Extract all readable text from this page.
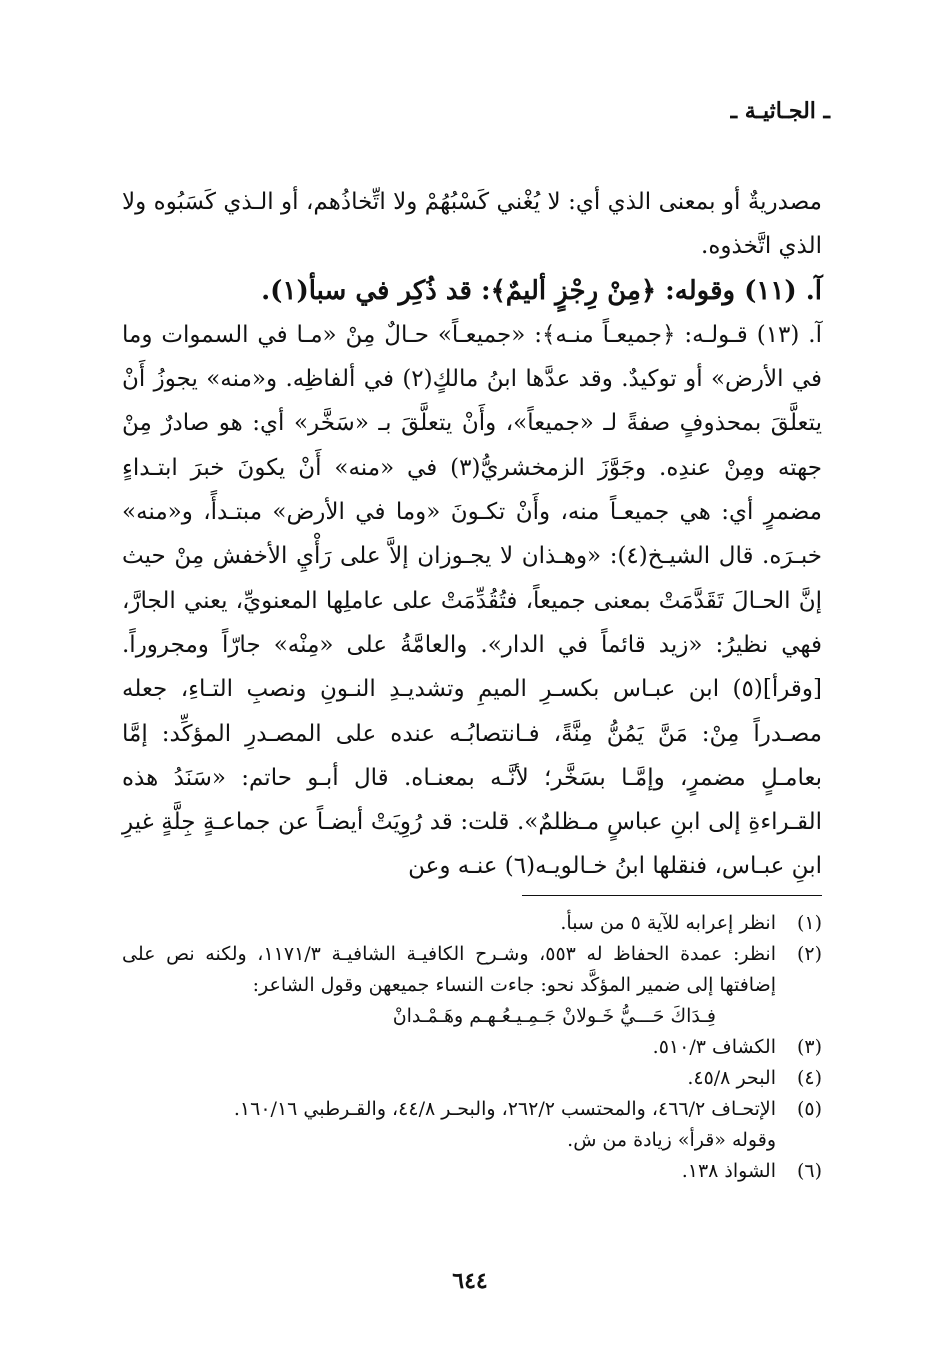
ـ الجـاثيـة ـ

مصدريةٌ أو بمعنى الذي أي: لا يُغْني كَسْبُهُمْ ولا اتِّخاذُهم، أو الـذي كَسَبُوه ولا الذي اتَّخذوه.

آ. (١١) وقوله: ﴿مِنْ رِجْزٍ أليمٌ﴾: قد ذُكِر في سبأ(١).

آ. (١٣) قـولـه: ﴿جميعـاً منـه﴾: «جميعـاً» حـالٌ مِنْ «مـا في السموات وما في الأرض» أو توكيدٌ. وقد عدَّها ابنُ مالكٍ(٢) في ألفاظِه. و«منه» يجوزُ أَنْ يتعلَّقَ بمحذوفٍ صفةً لـ «جميعاً»، وأَنْ يتعلَّقَ بـ «سَخَّر» أي: هو صادرٌ مِنْ جهته ومِنْ عندِه. وجَوَّزَ الزمخشريُّ(٣) في «منه» أَنْ يكونَ خبرَ ابتـداءٍ مضمرٍ أي: هي جميعـاً منه، وأَنْ تكـونَ «وما في الأرض» مبتـدأً، و«منه» خبـرَه. قال الشيـخ(٤): «وهـذان لا يجـوزان إلاَّ على رَأْيِ الأخفش مِنْ حيث إنَّ الحـالَ تَقَدَّمَتْ بمعنى جميعاً، فتُقُدِّمَتْ على عاملِها المعنويِّ، يعني الجارَّ، فهي نظيرُ: «زيد قائماً في الدار». والعامَّةُ على «مِنْه» جارّاً ومجروراً. [وقرأ](٥) ابن عبـاس بكسـرِ الميمِ وتشديـدِ النـونِ ونصبِ التـاءِ، جعله مصـدراً مِنْ: مَنَّ يَمُنُّ مِنَّةً، فـانتصابُـه عنده على المصـدرِ المؤكِّد: إمَّا بعامـلٍ مضمرٍ، وإمَّـا بسَخَّر؛ لأنَّـه بمعنـاه. قال أبـو حاتم: «سَنَدُ هذه القـراءةِ إلى ابنِ عباسٍ مـظلمٌ». قلت: قد رُوِيَتْ أيضـاً عن جماعـةٍ جِلَّةٍ غيرِ ابنِ عبـاس، فنقلها ابنُ خـالويـه(٦) عنـه وعن

(١)
انظر إعرابه للآية ٥ من سبأ.
(٢)
انظر: عمدة الحفاظ له ٥٥٣، وشـرح الكافيـة الشافيـة ١١٧١/٣، ولكنه نص على إضافتها إلى ضمير المؤكَّد نحو: جاءت النساء جميعهن وقول الشاعر:
فِـدَاكَ حَـــيُّ خَـولانْ جَـمِـيـعُـهـم وهَـمْـدانْ
(٣)
الكشاف ٥١٠/٣.
(٤)
البحر ٤٥/٨.
(٥)
الإتحـاف ٤٦٦/٢، والمحتسب ٢٦٢/٢، والبحـر ٤٤/٨، والقـرطبي ١٦٠/١٦.
وقوله «قرأ» زيادة من ش.
(٦)
الشواذ ١٣٨.
٦٤٤
